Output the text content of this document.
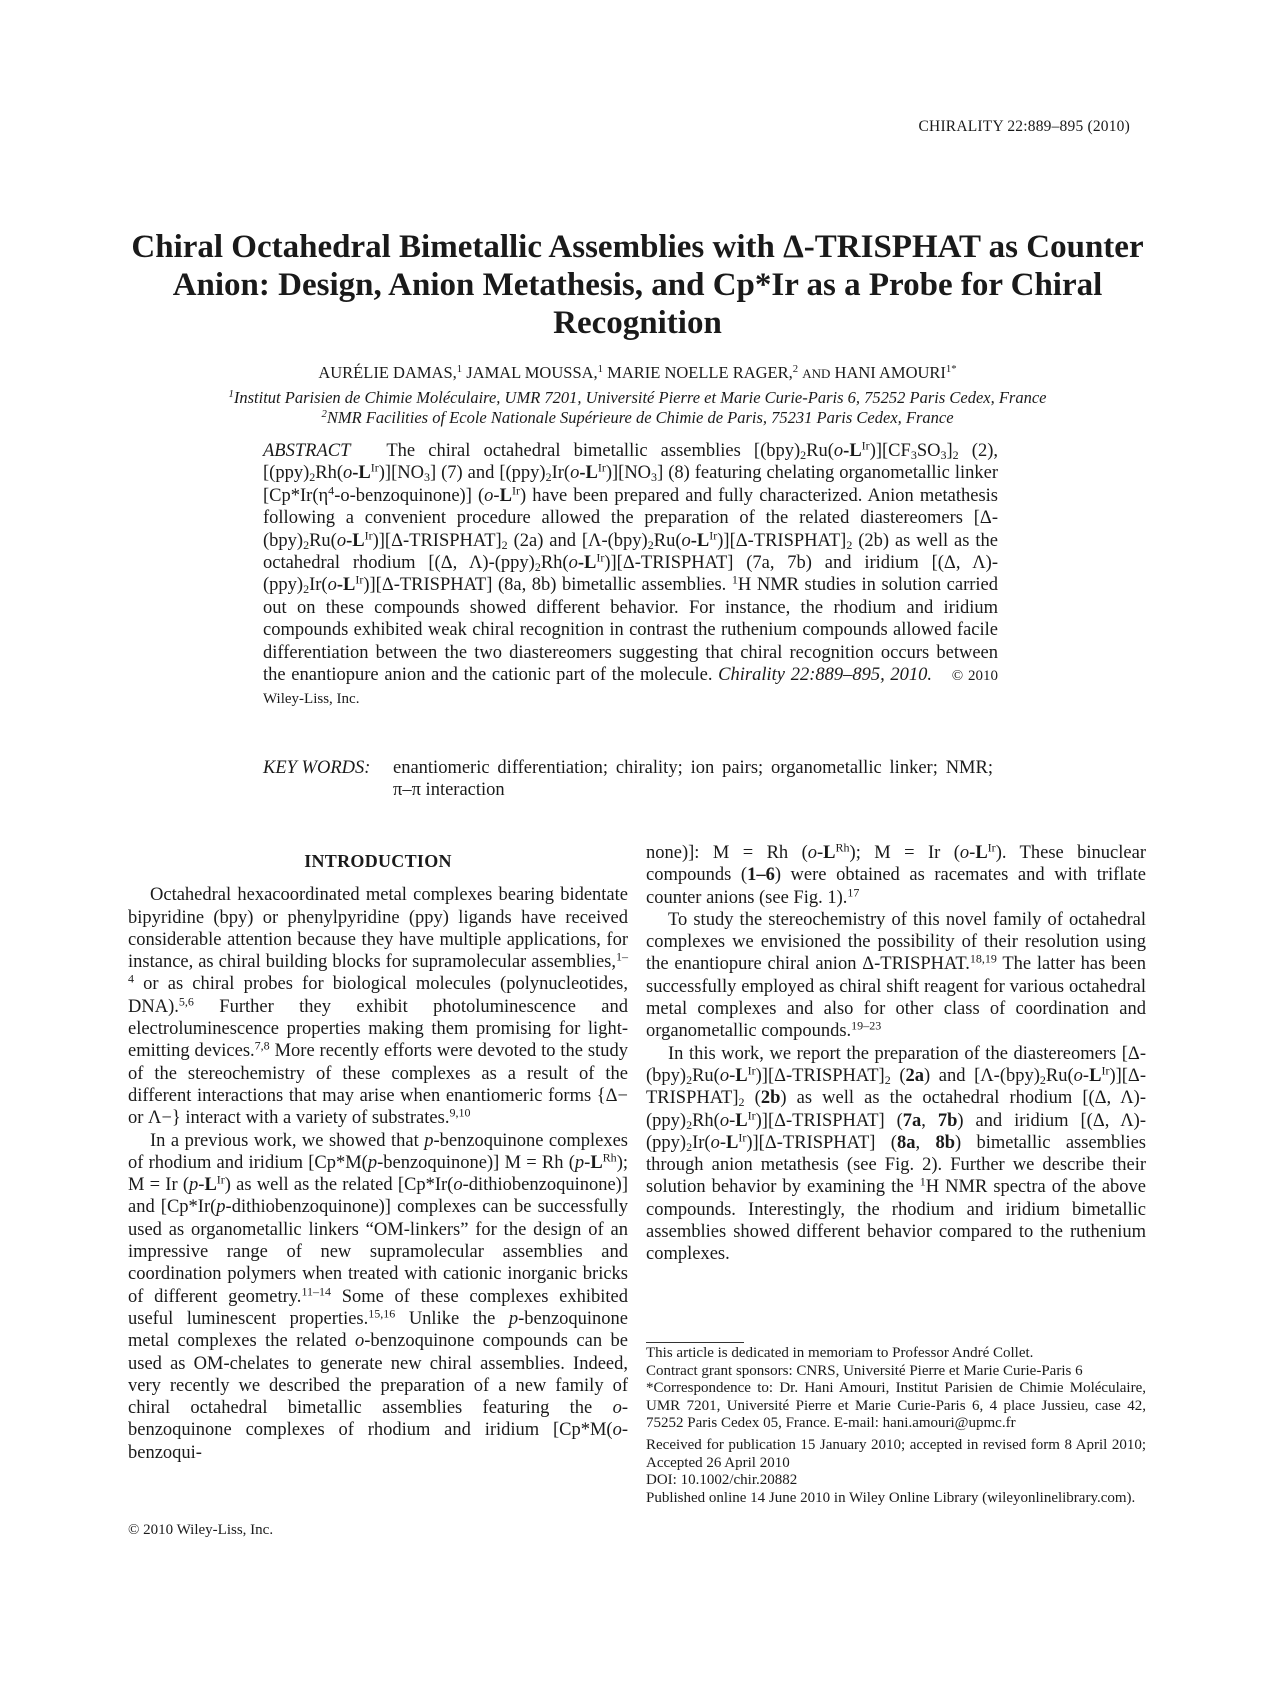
CHIRALITY 22:889–895 (2010)
Chiral Octahedral Bimetallic Assemblies with Δ-TRISPHAT as Counter Anion: Design, Anion Metathesis, and Cp*Ir as a Probe for Chiral Recognition
AURÉLIE DAMAS,$^1$ JAMAL MOUSSA,$^1$ MARIE NOELLE RAGER,$^2$ AND HANI $AMOURI^{1*}$
$^1$Institut Parisien de Chimie Moléculaire, UMR 7201, Université Pierre et Marie Curie-Paris 6, 75252 Paris Cedex, France
$^2$NMR Facilities of Ecole Nationale Supérieure de Chimie de Paris, 75231 Paris Cedex, France

ABSTRACT The chiral octahedral bimetallic assemblies $[(bpy)_2Ru(o-L^{Ir})][CF_3SO_3]_2$ (2), $[(ppy)_2Rh(o-L^{Ir})][NO_3]$ (7) and $[(ppy)_2Ir(o-L^{Ir})][NO_3]$ (8) featuring chelating organometallic linker $[Cp*Ir(\eta^4-o-benzoquinone)]$ $(o-L^{Ir})$ have been prepared and fully characterized. Anion metathesis following a convenient procedure allowed the preparation of the related diastereomers $[\Delta-(bpy)_2Ru(o-L^{Ir})][\Delta-TRISPHAT]_2$ (2a) and $[\Lambda-(bpy)_2Ru(o-L^{Ir})][\Delta-TRISPHAT]_2$ (2b) as well as the octahedral rhodium [(Δ, $\Lambda)-(ppy)_2Rh(o-L^{Ir})][\Delta-TRISPHAT]$ (7a, 7b) and iridium [(Δ, $\Lambda)-(ppy)_2Ir(o-L^{Ir})][\Delta-TRISPHAT]$ (8a, 8b) bimetallic assemblies. $^1$H NMR studies in solution carried out on these compounds showed different behavior. For instance, the rhodium and iridium compounds exhibited weak chiral recognition in contrast the ruthenium compounds allowed facile differentiation between the two diastereomers suggesting that chiral recognition occurs between the enantiopure anion and the cationic part of the molecule. Chirality 22:889–895, 2010. © 2010 Wiley-Liss, Inc.

KEY WORDS: enantiomeric differentiation; chirality; ion pairs; organometallic linker; NMR; π–π interaction
INTRODUCTION

Octahedral hexacoordinated metal complexes bearing bidentate bipyridine (bpy) or phenylpyridine (ppy) ligands have received considerable attention because they have multiple applications, for instance, as chiral building blocks for supramolecular assemblies,$^{1-4}$ or as chiral probes for biological molecules (polynucleotides, DNA).$^{5,6}$ Further they exhibit photoluminescence and electroluminescence properties making them promising for light-emitting devices.$^{7,8}$ More recently efforts were devoted to the study of the stereochemistry of these complexes as a result of the different interactions that may arise when enantiomeric forms {Δ− or Λ−} interact with a variety of substrates.$^{9,10}$

In a previous work, we showed that p-benzoquinone complexes of rhodium and iridium [Cp*M(p-benzoquinone)] M = Rh $(p-L^{Rh})$; M = Ir $(p-L^{Ir})$ as well as the related [Cp*Ir(o-dithiobenzoquinone)] and [Cp*Ir(p-dithiobenzoquinone)] complexes can be successfully used as organometallic linkers “OM-linkers” for the design of an impressive range of new supramolecular assemblies and coordination polymers when treated with cationic inorganic bricks of different geometry.$^{11-14}$ Some of these complexes exhibited useful luminescent properties.$^{15,16}$ Unlike the p-benzoquinone metal complexes the related o-benzoquinone compounds can be used as OM-chelates to generate new chiral assemblies. Indeed, very recently we described the preparation of a new family of chiral octahedral bimetallic assemblies featuring the o-benzoquinone complexes of rhodium and iridium [Cp*M(o-benzoqui-

none)]: M = Rh $(o-L^{Rh})$; M = Ir $(o-L^{Ir})$. These binuclear compounds (1–6) were obtained as racemates and with triflate counter anions (see Fig. 1).$^{17}$

To study the stereochemistry of this novel family of octahedral complexes we envisioned the possibility of their resolution using the enantiopure chiral anion Δ-TRISPHAT.$^{18,19}$ The latter has been successfully employed as chiral shift reagent for various octahedral metal complexes and also for other class of coordination and organometallic compounds.$^{19-23}$

In this work, we report the preparation of the diastereomers $[\Delta-(bpy)_2Ru(o-L^{Ir})][\Delta-TRISPHAT]_2$ (2a) and $[\Lambda-(bpy)_2Ru(o-L^{Ir})][\Delta-TRISPHAT]_2$ (2b) as well as the octahedral rhodium [(Δ, $\Lambda)-(ppy)_2Rh(o-L^{Ir})][\Delta-TRISPHAT]$ (7a, 7b) and iridium [(Δ, $\Lambda)-(ppy)_2Ir(o-L^{Ir})][\Delta-TRISPHAT]$ (8a, 8b) bimetallic assemblies through anion metathesis (see Fig. 2). Further we describe their solution behavior by examining the $^1$H NMR spectra of the above compounds. Interestingly, the rhodium and iridium bimetallic assemblies showed different behavior compared to the ruthenium complexes.

This article is dedicated in memoriam to Professor André Collet.

Contract grant sponsors: CNRS, Université Pierre et Marie Curie-Paris 6

*Correspondence to: Dr. Hani Amouri, Institut Parisien de Chimie Moléculaire, UMR 7201, Université Pierre et Marie Curie-Paris 6, 4 place Jussieu, case 42, 75252 Paris Cedex 05, France. E-mail: hani.amouri@upmc.fr

Received for publication 15 January 2010; accepted in revised form 8 April 2010; Accepted 26 April 2010

DOI: 10.1002/chir.20882

Published online 14 June 2010 in Wiley Online Library (wileyonlinelibrary.com).

© 2010 Wiley-Liss, Inc.
